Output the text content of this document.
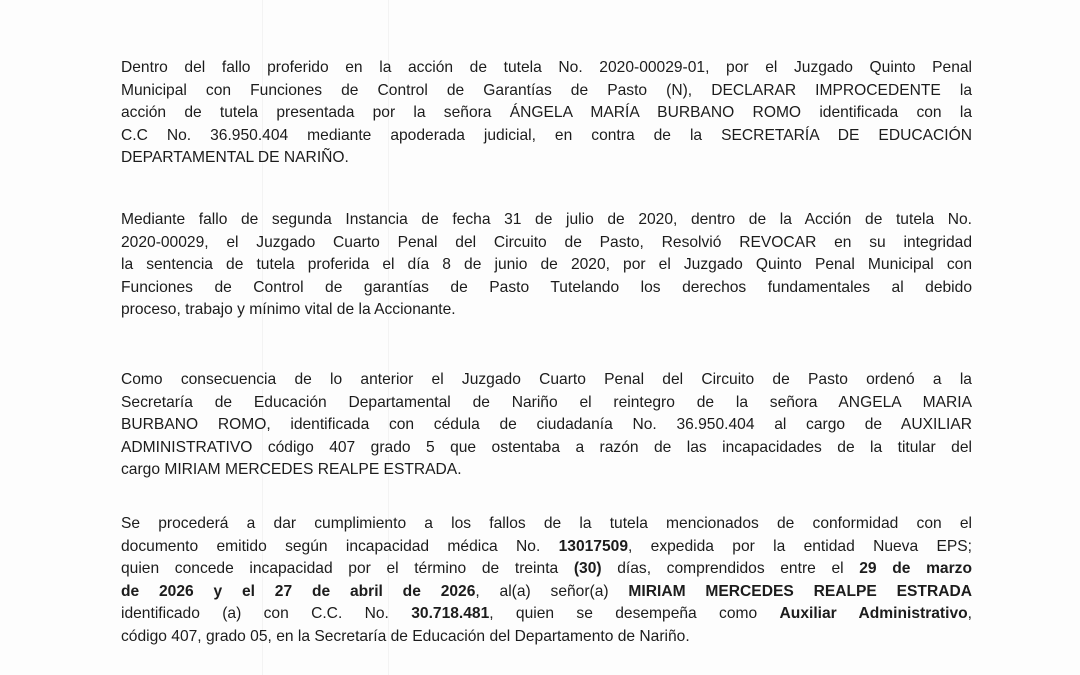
Dentro del fallo proferido en la acción de tutela No. 2020-00029-01, por el Juzgado Quinto Penal
Municipal con Funciones de Control de Garantías de Pasto (N), DECLARAR IMPROCEDENTE la
acción de tutela presentada por la señora ÁNGELA MARÍA BURBANO ROMO identificada con la
C.C No. 36.950.404 mediante apoderada judicial, en contra de la SECRETARÍA DE EDUCACIÓN
DEPARTAMENTAL DE NARIÑO.
Mediante fallo de segunda Instancia de fecha 31 de julio de 2020, dentro de la Acción de tutela No.
2020-00029, el Juzgado Cuarto Penal del Circuito de Pasto, Resolvió REVOCAR en su integridad
la sentencia de tutela proferida el día 8 de junio de 2020, por el Juzgado Quinto Penal Municipal con
Funciones de Control de garantías de Pasto Tutelando los derechos fundamentales al debido
proceso, trabajo y mínimo vital de la Accionante.
Como consecuencia de lo anterior el Juzgado Cuarto Penal del Circuito de Pasto ordenó a la
Secretaría de Educación Departamental de Nariño el reintegro de la señora ANGELA MARIA
BURBANO ROMO, identificada con cédula de ciudadanía No. 36.950.404 al cargo de AUXILIAR
ADMINISTRATIVO código 407 grado 5 que ostentaba a razón de las incapacidades de la titular del
cargo MIRIAM MERCEDES REALPE ESTRADA.
Se procederá a dar cumplimiento a los fallos de la tutela mencionados de conformidad con el
documento emitido según incapacidad médica No. 13017509, expedida por la entidad Nueva EPS;
quien concede incapacidad por el término de treinta (30) días, comprendidos entre el 29 de marzo
de 2026 y el 27 de abril de 2026, al(a) señor(a) MIRIAM MERCEDES REALPE ESTRADA
identificado (a) con C.C. No. 30.718.481, quien se desempeña como Auxiliar Administrativo,
código 407, grado 05, en la Secretaría de Educación del Departamento de Nariño.
